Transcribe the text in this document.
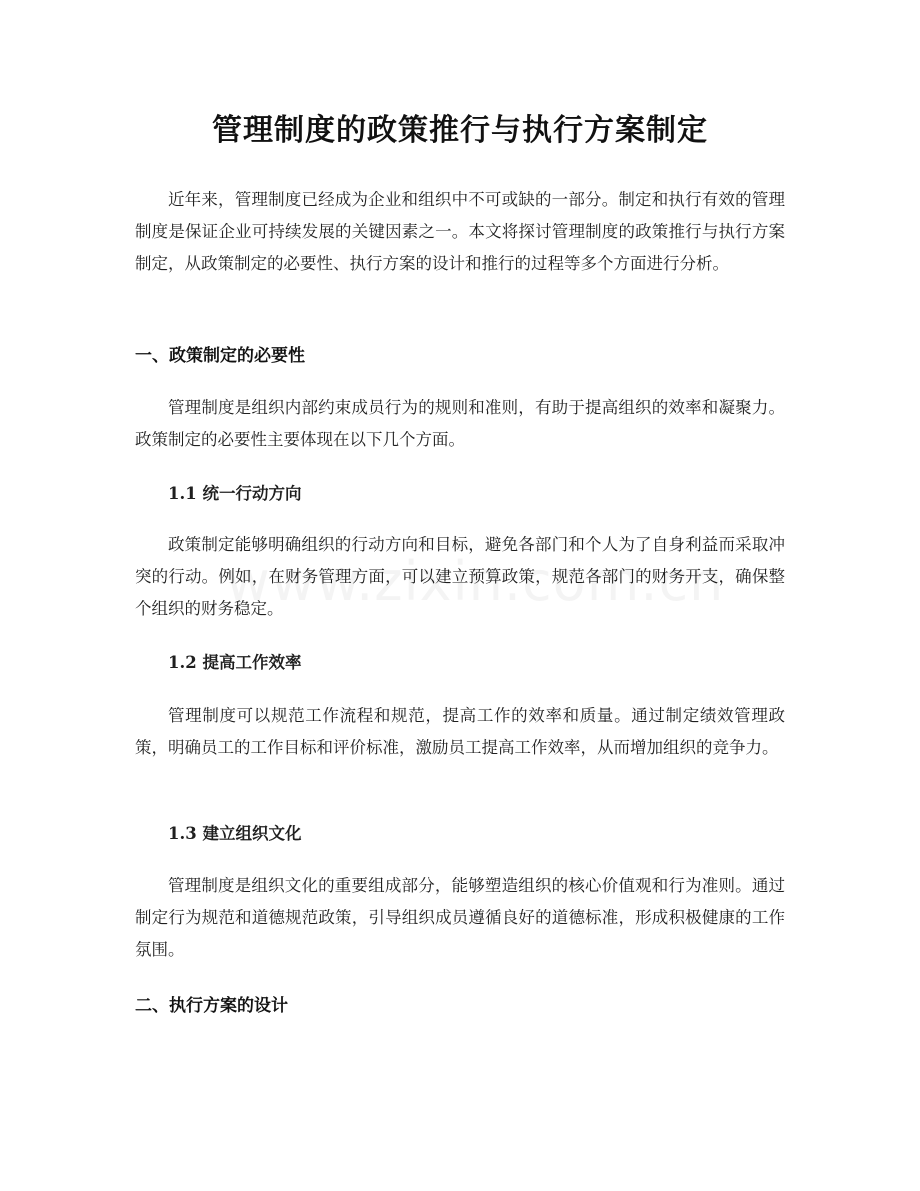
管理制度的政策推行与执行方案制定

近年来，管理制度已经成为企业和组织中不可或缺的一部分。制定和执行有效的管理制度是保证企业可持续发展的关键因素之一。本文将探讨管理制度的政策推行与执行方案制定，从政策制定的必要性、执行方案的设计和推行的过程等多个方面进行分析。

一、政策制定的必要性

管理制度是组织内部约束成员行为的规则和准则，有助于提高组织的效率和凝聚力。政策制定的必要性主要体现在以下几个方面。

1.1 统一行动方向

政策制定能够明确组织的行动方向和目标，避免各部门和个人为了自身利益而采取冲突的行动。例如，在财务管理方面，可以建立预算政策，规范各部门的财务开支，确保整个组织的财务稳定。

1.2 提高工作效率

管理制度可以规范工作流程和规范，提高工作的效率和质量。通过制定绩效管理政策，明确员工的工作目标和评价标准，激励员工提高工作效率，从而增加组织的竞争力。

1.3 建立组织文化

管理制度是组织文化的重要组成部分，能够塑造组织的核心价值观和行为准则。通过制定行为规范和道德规范政策，引导组织成员遵循良好的道德标准，形成积极健康的工作氛围。

二、执行方案的设计
